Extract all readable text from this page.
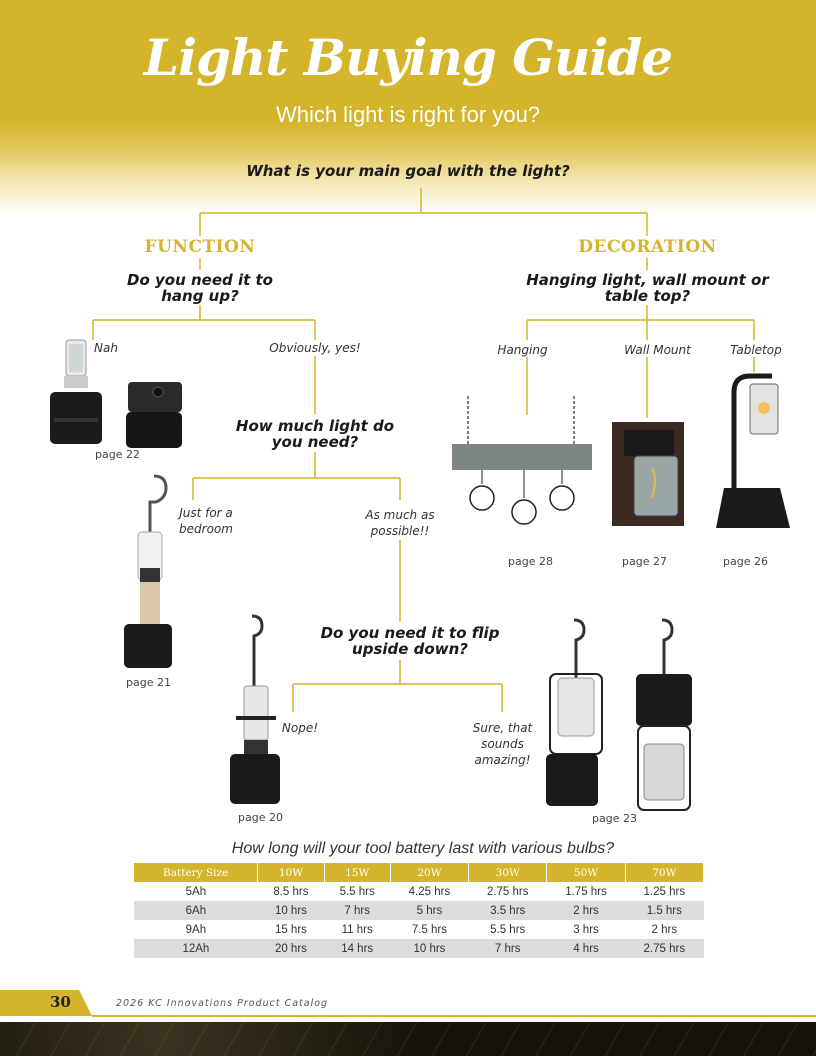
Light Buying Guide
Which light is right for you?
What is your main goal with the light?
FUNCTION
Do you need it to hang up?
Nah	Obviously, yes!
page 22
How much light do you need?
Just for a bedroom
page 21
As much as possible!!
Do you need it to flip upside down?
Nope!
page 20
Sure, that sounds amazing!
page 23
DECORATION
Hanging light, wall mount or table top?
Hanging	Wall Mount	Tabletop
page 28	page 27	page 26
How long will your tool battery last with various bulbs?
Battery Size	10W	15W	20W	30W	50W	70W
5Ah	8.5 hrs	5.5 hrs	4.25 hrs	2.75 hrs	1.75 hrs	1.25 hrs
6Ah	10 hrs	7 hrs	5 hrs	3.5 hrs	2 hrs	1.5 hrs
9Ah	15 hrs	11 hrs	7.5 hrs	5.5 hrs	3 hrs	2 hrs
12Ah	20 hrs	14 hrs	10 hrs	7 hrs	4 hrs	2.75 hrs
30	2026 KC Innovations Product Catalog
